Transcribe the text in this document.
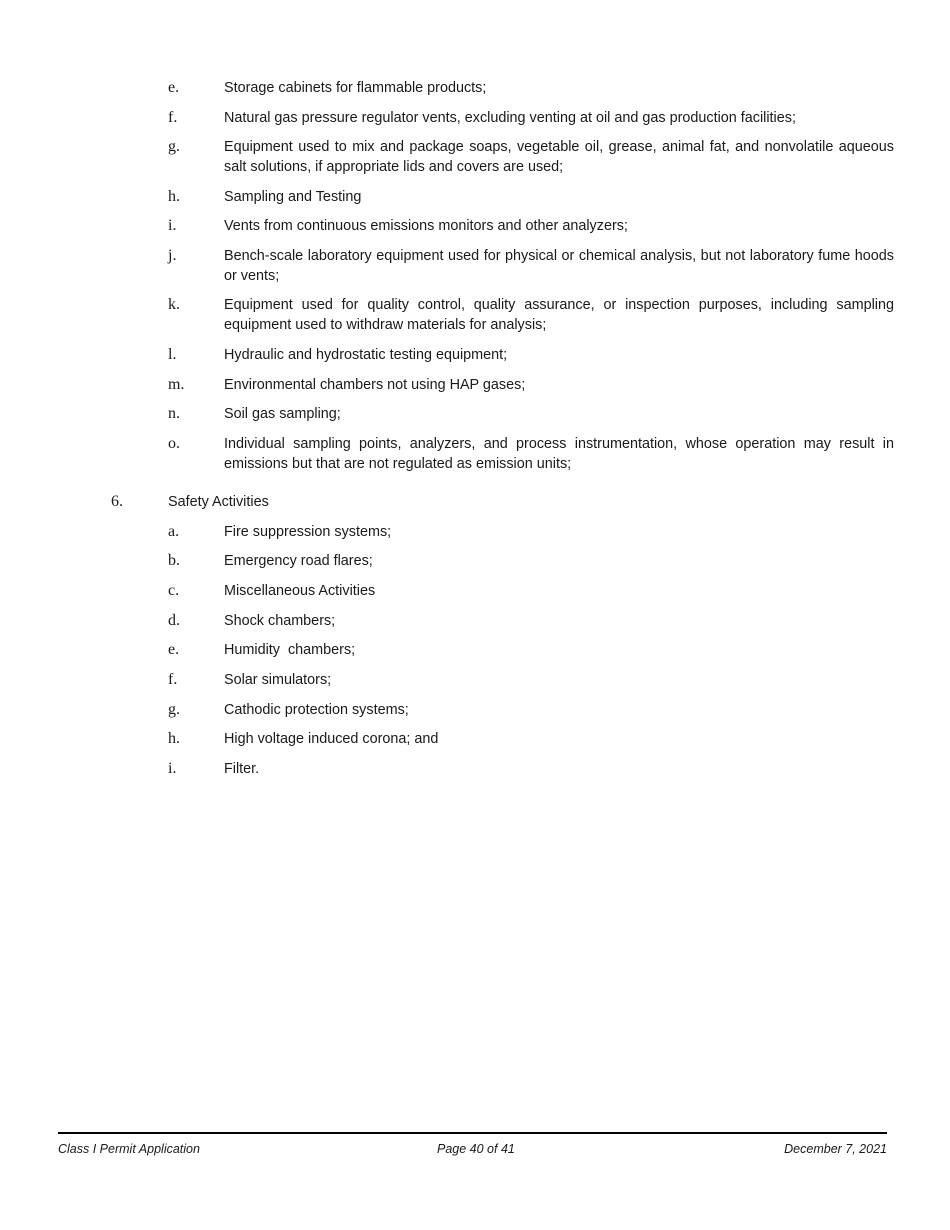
e.	Storage cabinets for flammable products;
f.	Natural gas pressure regulator vents, excluding venting at oil and gas production facilities;
g.	Equipment used to mix and package soaps, vegetable oil, grease, animal fat, and nonvolatile aqueous salt solutions, if appropriate lids and covers are used;
h.	Sampling and Testing
i.	Vents from continuous emissions monitors and other analyzers;
j.	Bench-scale laboratory equipment used for physical or chemical analysis, but not laboratory fume hoods or vents;
k.	Equipment used for quality control, quality assurance, or inspection purposes, including sampling equipment used to withdraw materials for analysis;
l.	Hydraulic and hydrostatic testing equipment;
m.	Environmental chambers not using HAP gases;
n.	Soil gas sampling;
o.	Individual sampling points, analyzers, and process instrumentation, whose operation may result in emissions but that are not regulated as emission units;
6.	Safety Activities
a.	Fire suppression systems;
b.	Emergency road flares;
c.	Miscellaneous Activities
d.	Shock chambers;
e.	Humidity  chambers;
f.	Solar simulators;
g.	Cathodic protection systems;
h.	High voltage induced corona; and
i.	Filter.
Class I Permit Application	Page 40 of 41	December 7, 2021
